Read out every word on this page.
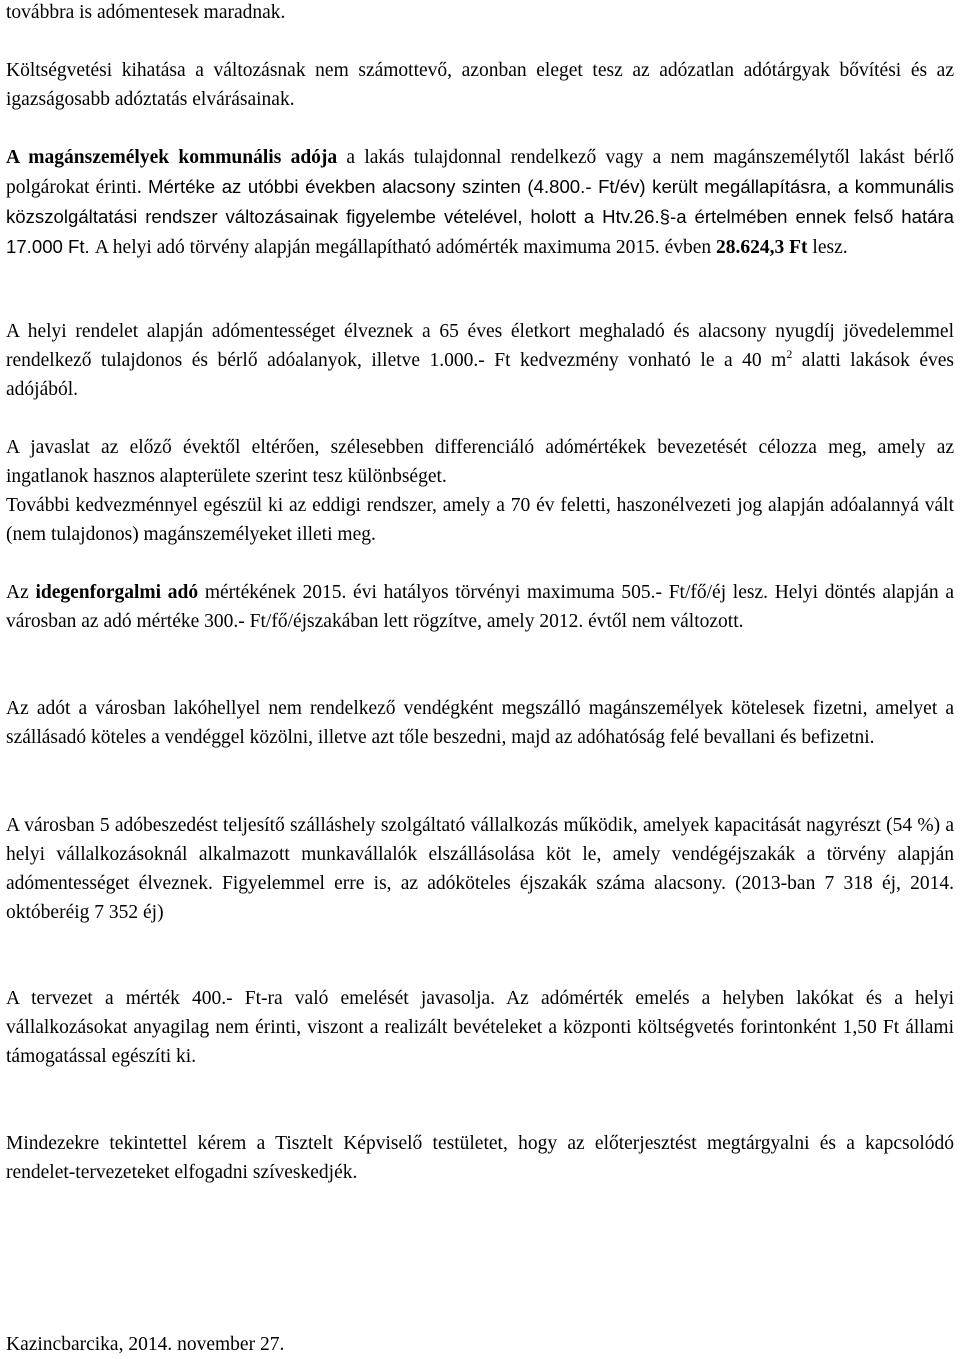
továbbra is adómentesek maradnak.

Költségvetési kihatása a változásnak nem számottevő, azonban eleget tesz az adózatlan adótárgyak bővítési és az igazságosabb adóztatás elvárásainak.

A magánszemélyek kommunális adója a lakás tulajdonnal rendelkező vagy a nem magánszemélytől lakást bérlő polgárokat érinti. Mértéke az utóbbi években alacsony szinten (4.800.- Ft/év) került megállapításra, a kommunális közszolgáltatási rendszer változásainak figyelembe vételével, holott a Htv.26.§-a értelmében ennek felső határa 17.000 Ft. A helyi adó törvény alapján megállapítható adómérték maximuma 2015. évben 28.624,3 Ft lesz.

A helyi rendelet alapján adómentességet élveznek a 65 éves életkort meghaladó és alacsony nyugdíj jövedelemmel rendelkező tulajdonos és bérlő adóalanyok, illetve 1.000.- Ft kedvezmény vonható le a 40 $m^2$ alatti lakások éves adójából.

A javaslat az előző évektől eltérően, szélesebben differenciáló adómértékek bevezetését célozza meg, amely az ingatlanok hasznos alapterülete szerint tesz különbséget.

További kedvezménnyel egészül ki az eddigi rendszer, amely a 70 év feletti, haszonélvezeti jog alapján adóalannyá vált (nem tulajdonos) magánszemélyeket illeti meg.

Az idegenforgalmi adó mértékének 2015. évi hatályos törvényi maximuma 505.- Ft/fő/éj lesz. Helyi döntés alapján a városban az adó mértéke 300.- Ft/fő/éjszakában lett rögzítve, amely 2012. évtől nem változott.

Az adót a városban lakóhellyel nem rendelkező vendégként megszálló magánszemélyek kötelesek fizetni, amelyet a szállásadó köteles a vendéggel közölni, illetve azt tőle beszedni, majd az adóhatóság felé bevallani és befizetni.

A városban 5 adóbeszedést teljesítő szálláshely szolgáltató vállalkozás működik, amelyek kapacitását nagyrészt (54 %) a helyi vállalkozásoknál alkalmazott munkavállalók elszállásolása köt le, amely vendégéjszakák a törvény alapján adómentességet élveznek. Figyelemmel erre is, az adóköteles éjszakák száma alacsony. (2013-ban 7 318 éj, 2014. októberéig 7 352 éj)

A tervezet a mérték 400.- Ft-ra való emelését javasolja. Az adómérték emelés a helyben lakókat és a helyi vállalkozásokat anyagilag nem érinti, viszont a realizált bevételeket a központi költségvetés forintonként 1,50 Ft állami támogatással egészíti ki.

Mindezekre tekintettel kérem a Tisztelt Képviselő testületet, hogy az előterjesztést megtárgyalni és a kapcsolódó rendelet-tervezeteket elfogadni szíveskedjék.

Kazincbarcika, 2014. november 27.
